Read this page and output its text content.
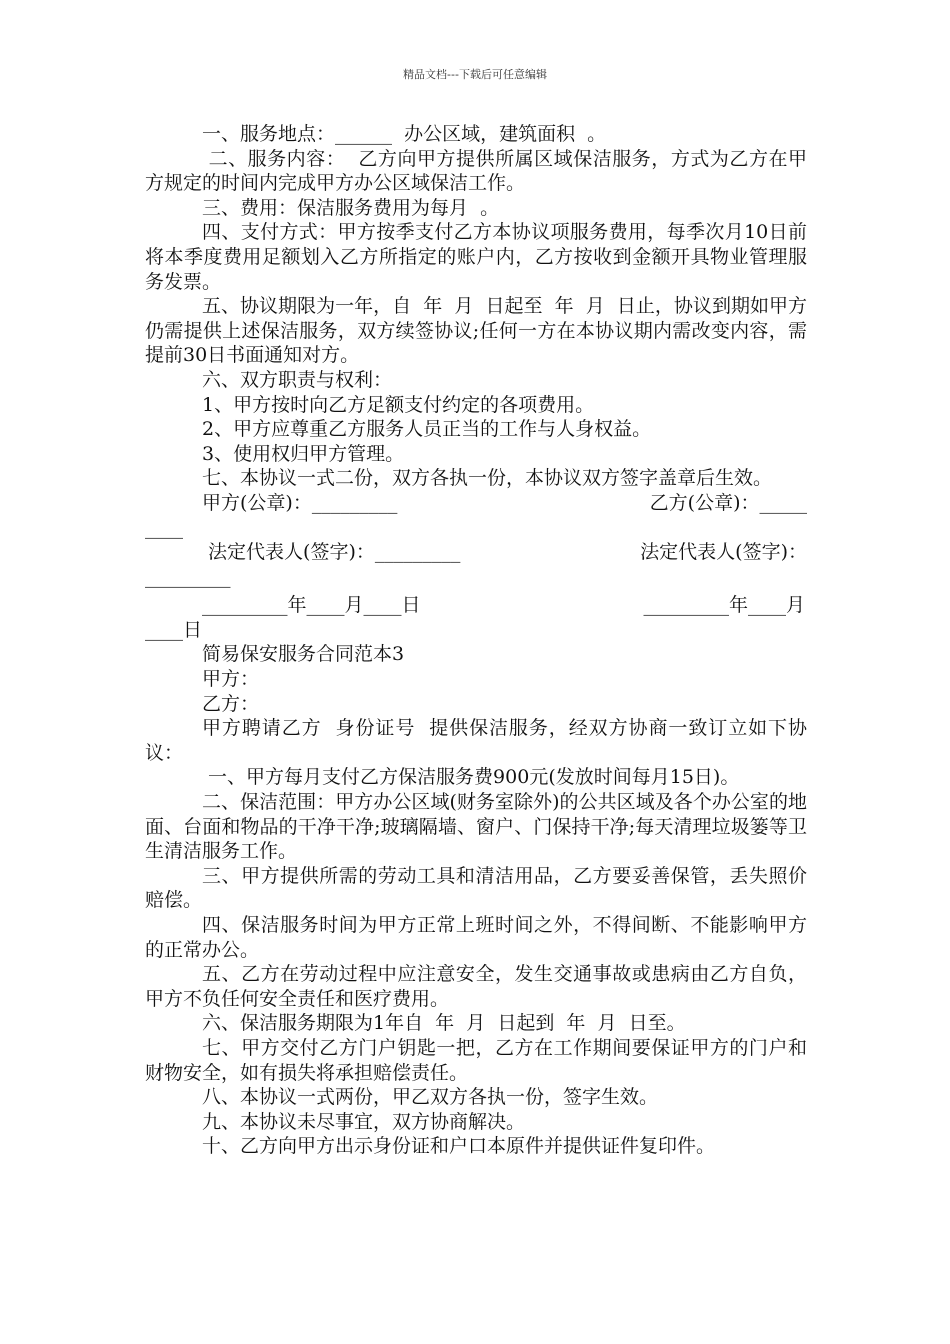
精品文档---下载后可任意编辑

一、服务地点：______  办公区域，建筑面积  。

二、服务内容：  乙方向甲方提供所属区域保洁服务，方式为乙方在甲方规定的时间内完成甲方办公区域保洁工作。

三、费用：保洁服务费用为每月  。

四、支付方式：甲方按季支付乙方本协议项服务费用，每季次月10日前将本季度费用足额划入乙方所指定的账户内，乙方按收到金额开具物业管理服务发票。

五、协议期限为一年，自  年  月  日起至  年  月  日止，协议到期如甲方仍需提供上述保洁服务，双方续签协议;任何一方在本协议期内需改变内容，需提前30日书面通知对方。

六、双方职责与权利：

1、甲方按时向乙方足额支付约定的各项费用。

2、甲方应尊重乙方服务人员正当的工作与人身权益。

3、使用权归甲方管理。

七、本协议一式二份，双方各执一份，本协议双方签字盖章后生效。

甲方(公章)：_________	乙方(公章)：_____

____

法定代表人(签字)：_________	法定代表人(签字)：

_________

_________年____月____日	_________年____月

____日

简易保安服务合同范本3

甲方：

乙方：

甲方聘请乙方  身份证号  提供保洁服务，经双方协商一致订立如下协议：

一、甲方每月支付乙方保洁服务费900元(发放时间每月15日)。

二、保洁范围：甲方办公区域(财务室除外)的公共区域及各个办公室的地面、台面和物品的干净干净;玻璃隔墙、窗户、门保持干净;每天清理垃圾篓等卫生清洁服务工作。

三、甲方提供所需的劳动工具和清洁用品，乙方要妥善保管，丢失照价赔偿。

四、保洁服务时间为甲方正常上班时间之外，不得间断、不能影响甲方的正常办公。

五、乙方在劳动过程中应注意安全，发生交通事故或患病由乙方自负，甲方不负任何安全责任和医疗费用。

六、保洁服务期限为1年自  年  月  日起到  年  月  日至。

七、甲方交付乙方门户钥匙一把，乙方在工作期间要保证甲方的门户和财物安全，如有损失将承担赔偿责任。

八、本协议一式两份，甲乙双方各执一份，签字生效。

九、本协议未尽事宜，双方协商解决。

十、乙方向甲方出示身份证和户口本原件并提供证件复印件。
